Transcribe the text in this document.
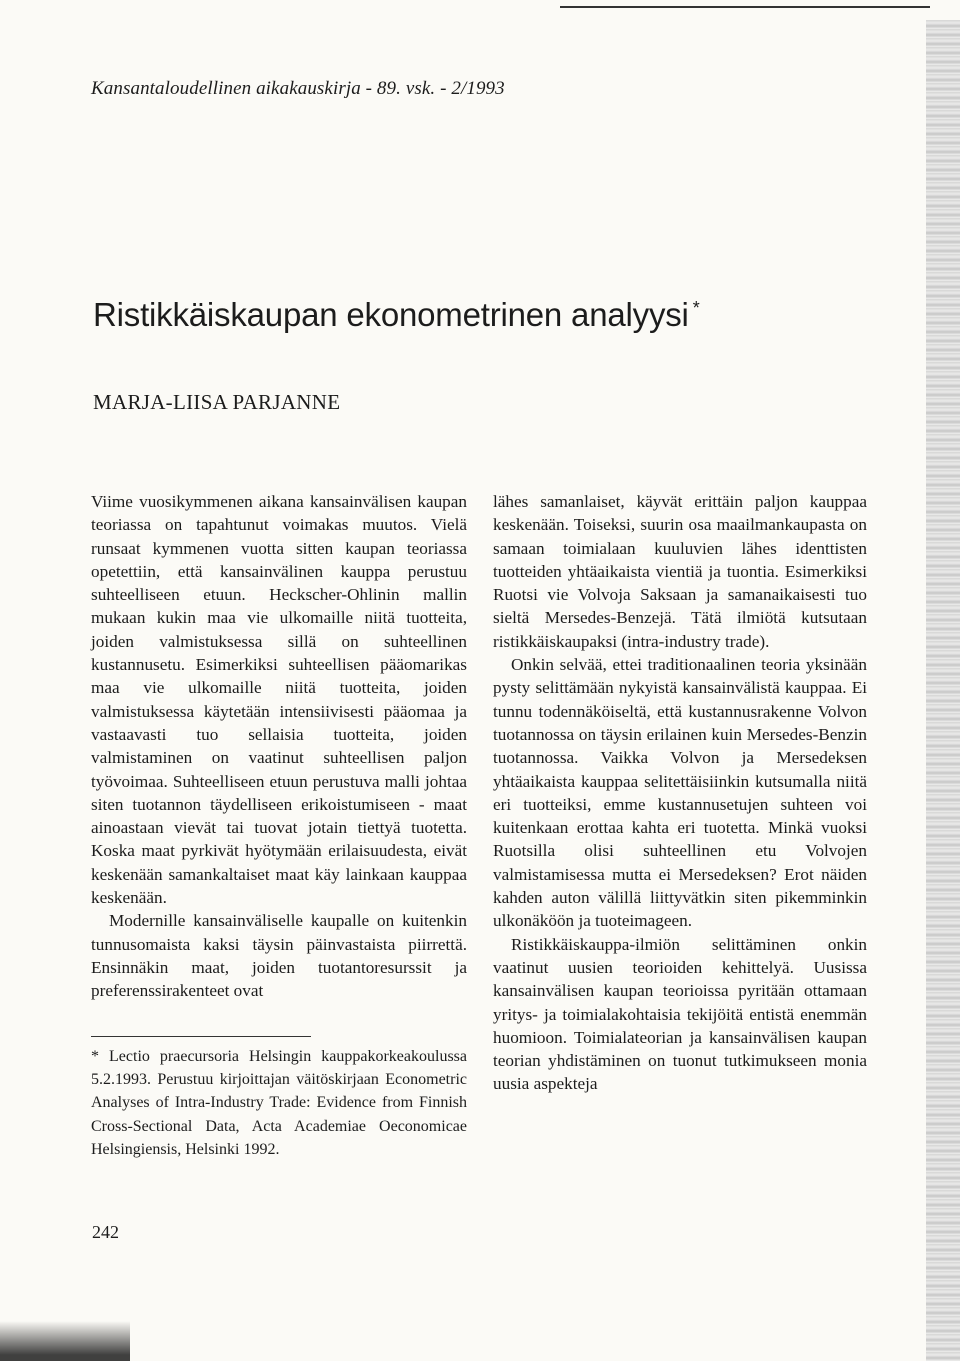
Kansantaloudellinen aikakauskirja - 89. vsk. - 2/1993
Ristikkäiskaupan ekonometrinen analyysi *
MARJA-LIISA PARJANNE

Viime vuosikymmenen aikana kansainvälisen kaupan teoriassa on tapahtunut voimakas muutos. Vielä runsaat kymmenen vuotta sitten kaupan teoriassa opetettiin, että kansainvälinen kauppa perustuu suhteelliseen etuun. Heckscher-Ohlinin mallin mukaan kukin maa vie ulkomaille niitä tuotteita, joiden valmistuksessa sillä on suhteellinen kustannusetu. Esimerkiksi suhteellisen pääomarikas maa vie ulkomaille niitä tuotteita, joiden valmistuksessa käytetään intensiivisesti pääomaa ja vastaavasti tuo sellaisia tuotteita, joiden valmistaminen on vaatinut suhteellisen paljon työvoimaa. Suhteelliseen etuun perustuva malli johtaa siten tuotannon täydelliseen erikoistumiseen - maat ainoastaan vievät tai tuovat jotain tiettyä tuotetta. Koska maat pyrkivät hyötymään erilaisuudesta, eivät keskenään samankaltaiset maat käy lainkaan kauppaa keskenään.

Modernille kansainväliselle kaupalle on kuitenkin tunnusomaista kaksi täysin päinvastaista piirrettä. Ensinnäkin maat, joiden tuotantoresurssit ja preferenssirakenteet ovat

lähes samanlaiset, käyvät erittäin paljon kauppaa keskenään. Toiseksi, suurin osa maailmankaupasta on samaan toimialaan kuuluvien lähes identtisten tuotteiden yhtäaikaista vientiä ja tuontia. Esimerkiksi Ruotsi vie Volvoja Saksaan ja samanaikaisesti tuo sieltä Mersedes-Benzejä. Tätä ilmiötä kutsutaan ristikkäiskaupaksi (intra-industry trade).

Onkin selvää, ettei traditionaalinen teoria yksinään pysty selittämään nykyistä kansainvälistä kauppaa. Ei tunnu todennäköiseltä, että kustannusrakenne Volvon tuotannossa on täysin erilainen kuin Mersedes-Benzin tuotannossa. Vaikka Volvon ja Mersedeksen yhtäaikaista kauppaa selitettäisiinkin kutsumalla niitä eri tuotteiksi, emme kustannusetujen suhteen voi kuitenkaan erottaa kahta eri tuotetta. Minkä vuoksi Ruotsilla olisi suhteellinen etu Volvojen valmistamisessa mutta ei Mersedeksen? Erot näiden kahden auton välillä liittyvätkin siten pikemminkin ulkonäköön ja tuoteimageen.

Ristikkäiskauppa-ilmiön selittäminen onkin vaatinut uusien teorioiden kehittelyä. Uusissa kansainvälisen kaupan teorioissa pyritään ottamaan yritys- ja toimialakohtaisia tekijöitä entistä enemmän huomioon. Toimialateorian ja kansainvälisen kaupan teorian yhdistäminen on tuonut tutkimukseen monia uusia aspekteja

* Lectio praecursoria Helsingin kauppakorkeakoulussa 5.2.1993. Perustuu kirjoittajan väitöskirjaan Econometric Analyses of Intra-Industry Trade: Evidence from Finnish Cross-Sectional Data, Acta Academiae Oeconomicae Helsingiensis, Helsinki 1992.
242
